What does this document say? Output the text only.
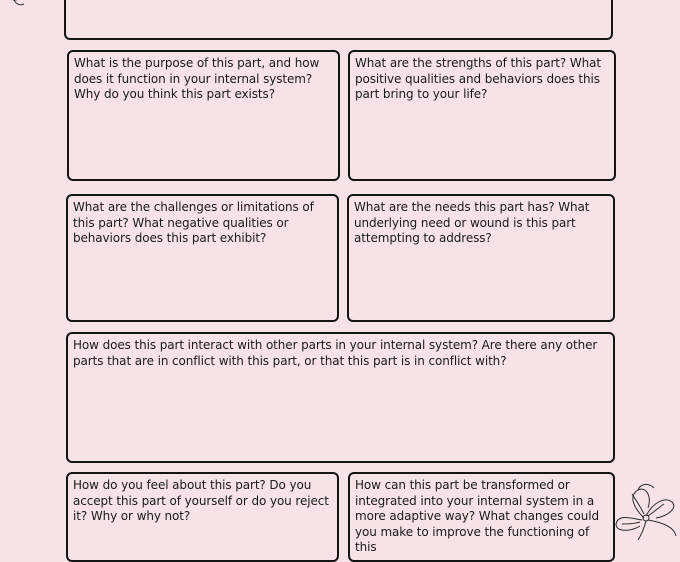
What is the purpose of this part, and how does it function in your internal system? Why do you think this part exists?

What are the strengths of this part? What positive qualities and behaviors does this part bring to your life?

What are the challenges or limitations of this part? What negative qualities or behaviors does this part exhibit?

What are the needs this part has? What underlying need or wound is this part attempting to address?

How does this part interact with other parts in your internal system? Are there any other parts that are in conflict with this part, or that this part is in conflict with?

How do you feel about this part? Do you accept this part of yourself or do you reject it? Why or why not?

How can this part be transformed or integrated into your internal system in a more adaptive way? What changes could you make to improve the functioning of this
